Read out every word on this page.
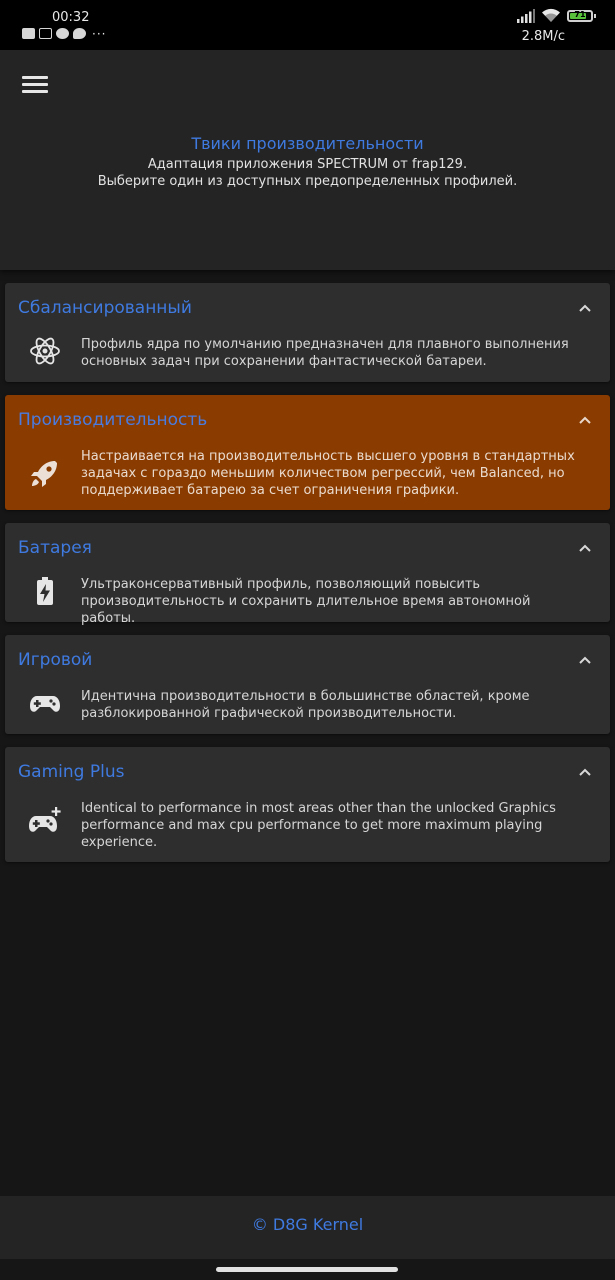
00:32
···
71
2.8M/с
Твики производительности
Адаптация приложения SPECTRUM от frap129.
Выберите один из доступных предопределенных профилей.
Сбалансированный
Профиль ядра по умолчанию предназначен для плавного выполнения основных задач при сохранении фантастической батареи.
Производительность
Настраивается на производительность высшего уровня в стандартных задачах с гораздо меньшим количеством регрессий, чем Balanced, но поддерживает батарею за счет ограничения графики.
Батарея
Ультраконсервативный профиль, позволяющий повысить производительность и сохранить длительное время автономной работы.
Игровой
Идентична производительности в большинстве областей, кроме разблокированной графической производительности.
Gaming Plus
Identical to performance in most areas other than the unlocked Graphics performance and max cpu performance to get more maximum playing experience.
© D8G Kernel
